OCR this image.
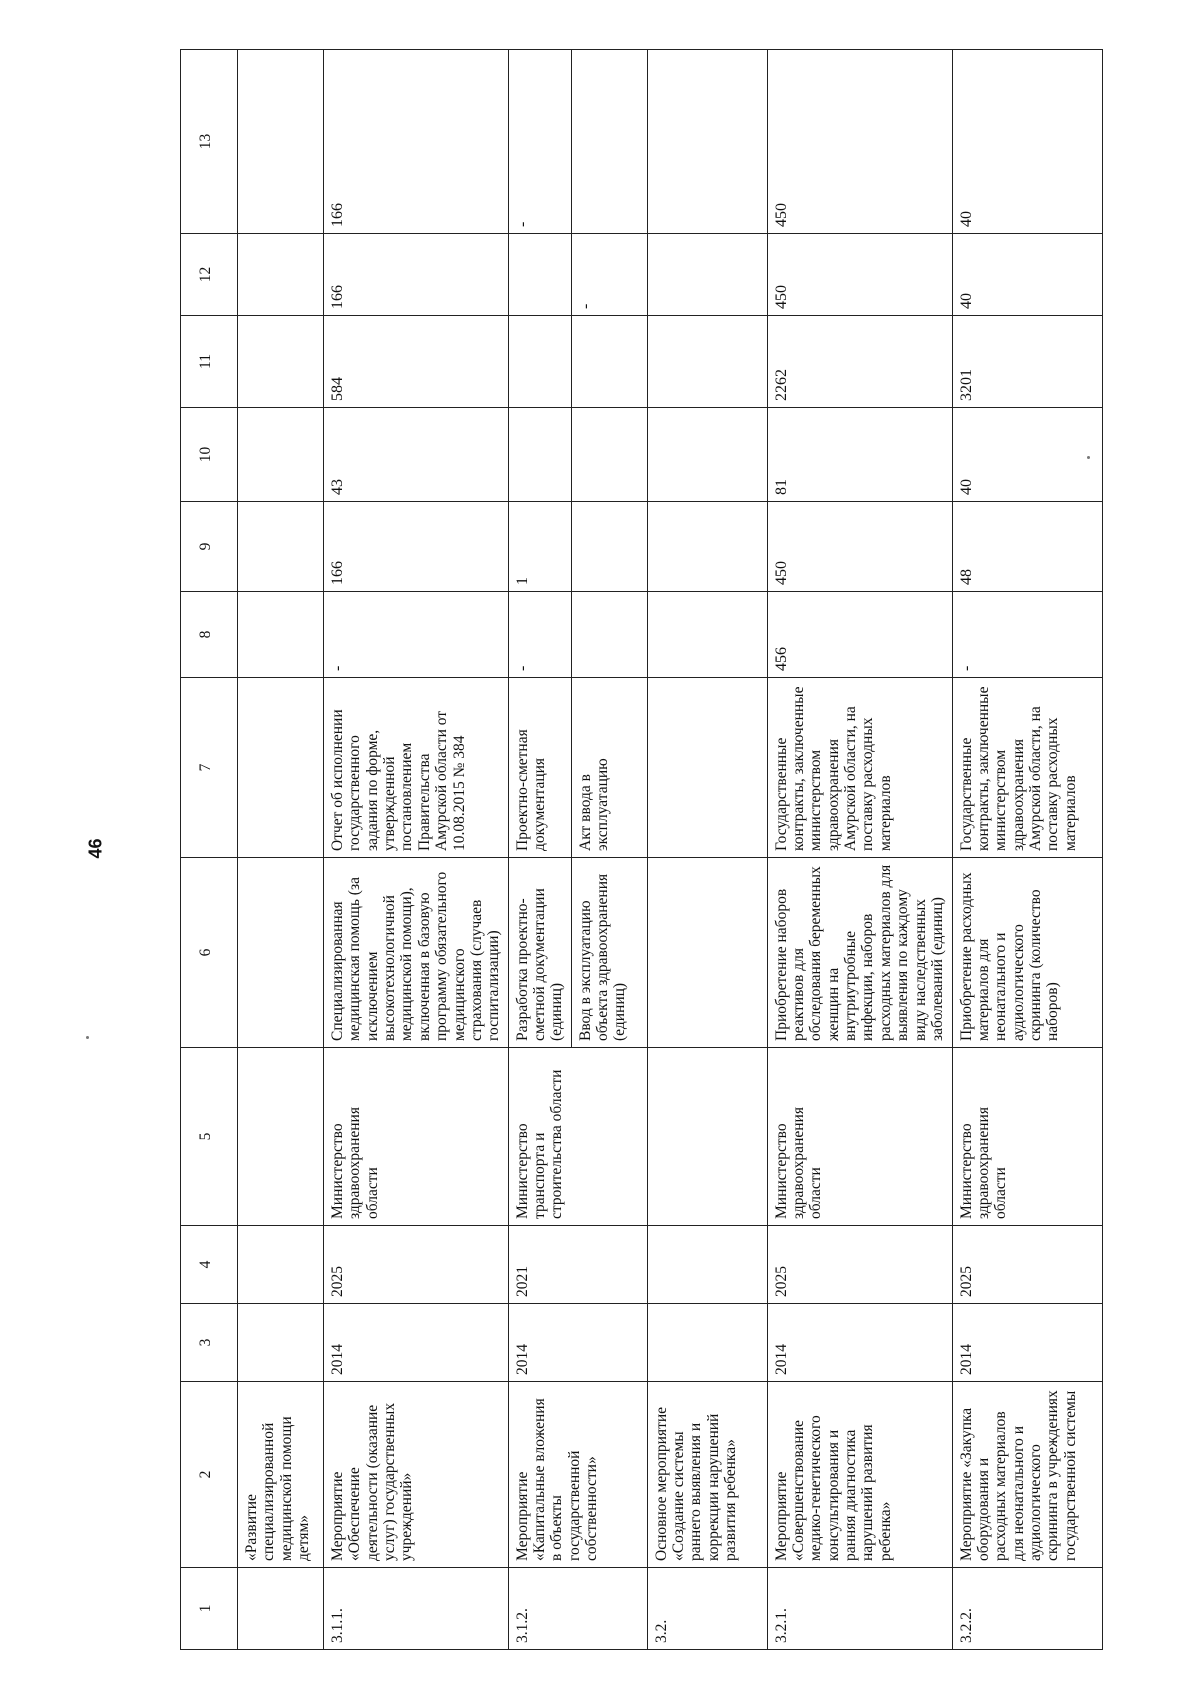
46
1	2	3	4	5	6	7	8	9	10	11	12	13
	«Развитие специализированной медицинской помощи детям»											
3.1.1.	Мероприятие «Обеспечение деятельности (оказание услуг) государственных учреждений»	2014	2025	Министерство здравоохранения области	Специализированная медицинская помощь (за исключением высокотехнологичной медицинской помощи), включенная в базовую программу обязательного медицинского страхования (случаев госпитализации)	Отчет об исполнении государственного задания по форме, утвержденной постановлением Правительства Амурской области от 10.08.2015 № 384	-	166	43	584	166	166
3.1.2.	Мероприятие «Капитальные вложения в объекты государственной собственности»	2014	2021	Министерство транспорта и строительства области	Разработка проектно-сметной документации (единиц)	Проектно-сметная документация	-	1				-
					Ввод в эксплуатацию объекта здравоохранения (единиц)	Акт ввода в эксплуатацию					-	
3.2.	Основное мероприятие «Создание системы раннего выявления и коррекции нарушений развития ребенка»											
3.2.1.	Мероприятие «Совершенствование медико-генетического консультирования и ранняя диагностика нарушений развития ребенка»	2014	2025	Министерство здравоохранения области	Приобретение наборов реактивов для обследования беременных женщин на внутриутробные инфекции, наборов расходных материалов для выявления по каждому виду наследственных заболеваний (единиц)	Государственные контракты, заключенные министерством здравоохранения Амурской области, на поставку расходных материалов	456	450	81	2262	450	450
3.2.2.	Мероприятие «Закупка оборудования и расходных материалов для неонатального и аудиологического скрининга в учреждениях государственной системы	2014	2025	Министерство здравоохранения области	Приобретение расходных материалов для неонатального и аудиологического скрининга (количество наборов)	Государственные контракты, заключенные министерством здравоохранения Амурской области, на поставку расходных материалов	-	48	40	3201	40	40
